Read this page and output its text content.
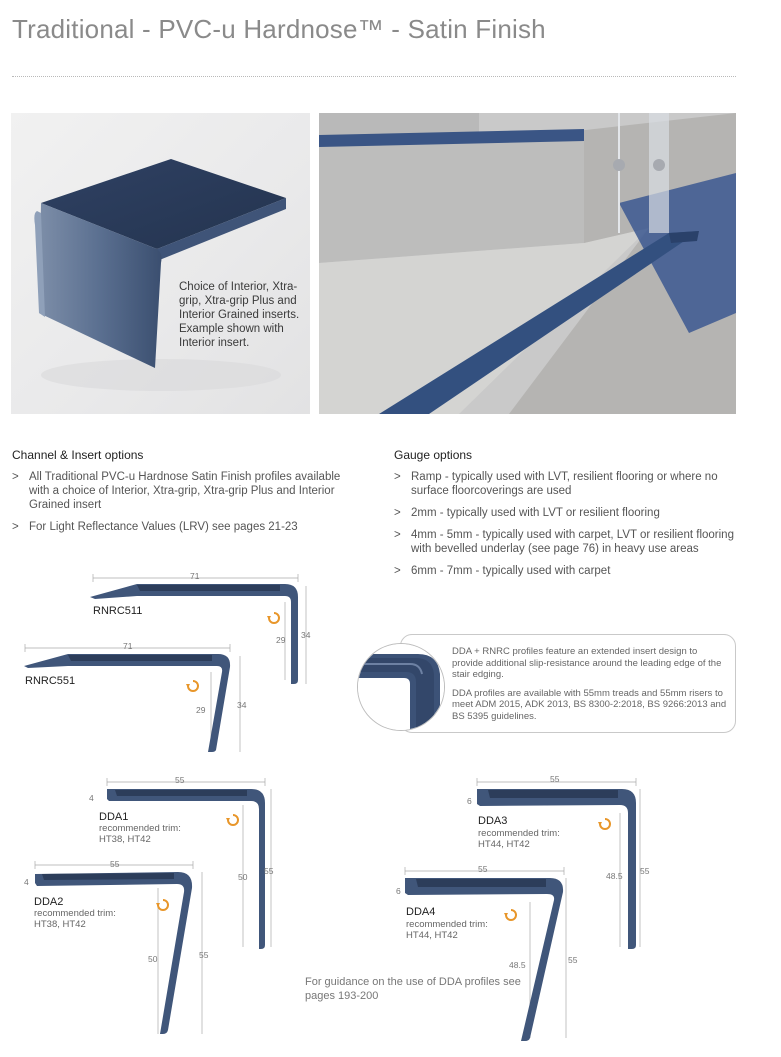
Traditional - PVC-u Hardnose™ - Satin Finish
Choice of Interior, Xtra-grip, Xtra-grip Plus and Interior Grained inserts. Example shown with Interior insert.
Channel & Insert options
> All Traditional PVC-u Hardnose Satin Finish profiles available with a choice of Interior, Xtra-grip, Xtra-grip Plus and Interior Grained insert
> For Light Reflectance Values (LRV) see pages 21-23
Gauge options
> Ramp - typically used with LVT, resilient flooring or where no surface floorcoverings are used
> 2mm - typically used with LVT or resilient flooring
> 4mm - 5mm - typically used with carpet, LVT or resilient flooring with bevelled underlay (see page 76) in heavy use areas
> 6mm - 7mm - typically used with carpet

DDA + RNRC profiles feature an extended insert design to provide additional slip-resistance around the leading edge of the stair edging.

DDA profiles are available with 55mm treads and 55mm risers to meet ADM 2015, ADK 2013, BS 8300-2:2018, BS 9266:2013 and BS 5395 guidelines.

71
29 34
RNRC511
71
29	34
RNRC551
55
4
50
55
DDA1
recommended trim:
HT38, HT42
55
4
50	55
DDA2
recommended trim:
HT38, HT42
55
6
48.5 55
DDA3
recommended trim:
HT44, HT42
55
6
48.5	55
DDA4
recommended trim:
HT44, HT42
For guidance on the use of DDA profiles see pages 193-200
